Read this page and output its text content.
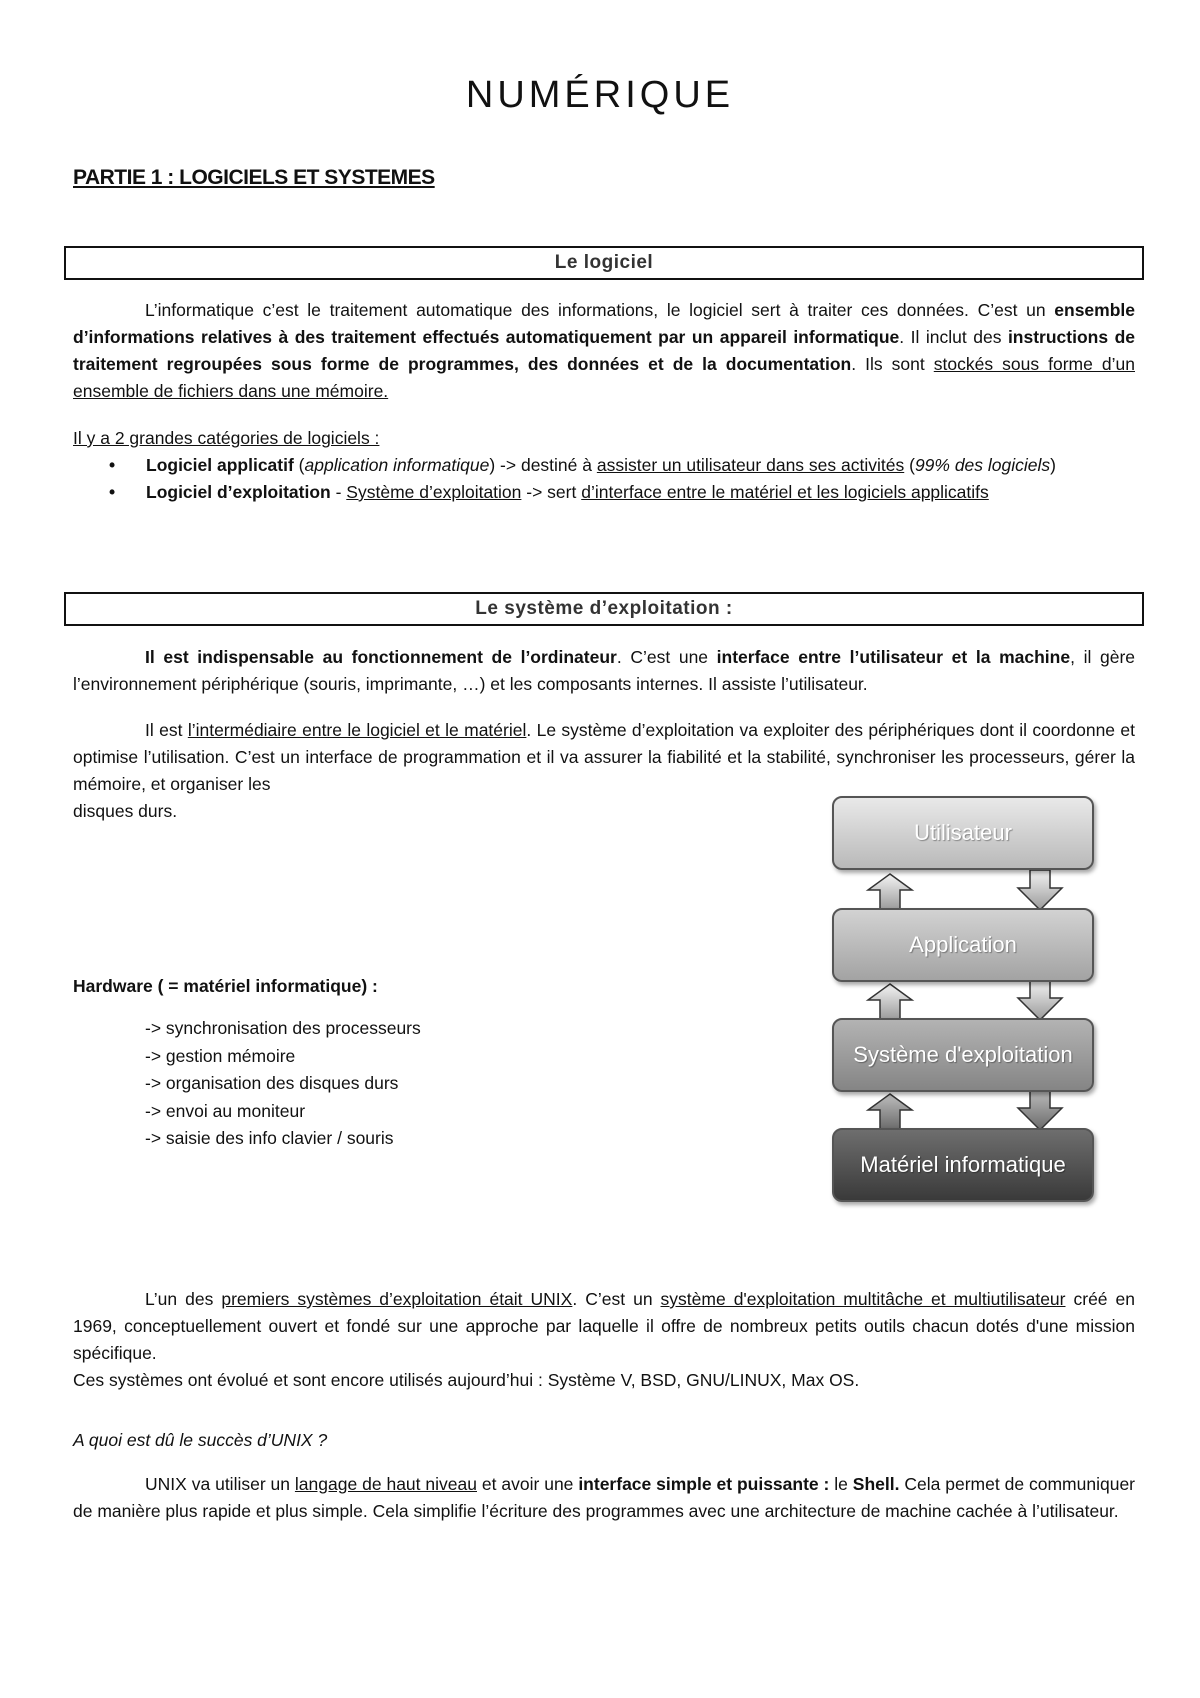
NUMÉRIQUE
PARTIE 1 : LOGICIELS ET SYSTEMES
Le logiciel

L’informatique c’est le traitement automatique des informations, le logiciel sert à traiter ces données. C’est un ensemble d’informations relatives à des traitement effectués automatiquement par un appareil informatique. Il inclut des instructions de traitement regroupées sous forme de programmes, des données et de la documentation. Ils sont stockés sous forme d’un ensemble de fichiers dans une mémoire.

Il y a 2 grandes catégories de logiciels :
• Logiciel applicatif (application informatique) -> destiné à assister un utilisateur dans ses activités (99% des logiciels)
• Logiciel d’exploitation - Système d’exploitation -> sert d’interface entre le matériel et les logiciels applicatifs
Le système d’exploitation :

Il est indispensable au fonctionnement de l’ordinateur. C’est une interface entre l’utilisateur et la machine, il gère l’environnement périphérique (souris, imprimante, …) et les composants internes. Il assiste l’utilisateur.

Il est l’intermédiaire entre le logiciel et le matériel. Le système d’exploitation va exploiter des périphériques dont il coordonne et optimise l’utilisation. C’est un interface de programmation et il va assurer la fiabilité et la stabilité, synchroniser les processeurs, gérer la mémoire, et organiser les

disques durs.
Hardware ( = matériel informatique) :
-> synchronisation des processeurs
-> gestion mémoire
-> organisation des disques durs
-> envoi au moniteur
-> saisie des info clavier / souris
Utilisateur
Application
Système d'exploitation
Matériel informatique

L’un des premiers systèmes d’exploitation était UNIX. C’est un système d'exploitation multitâche et multiutilisateur créé en 1969, conceptuellement ouvert et fondé sur une approche par laquelle il offre de nombreux petits outils chacun dotés d'une mission spécifique.

Ces systèmes ont évolué et sont encore utilisés aujourd’hui : Système V, BSD, GNU/LINUX, Max OS.

A quoi est dû le succès d’UNIX ?

UNIX va utiliser un langage de haut niveau et avoir une interface simple et puissante : le Shell. Cela permet de communiquer de manière plus rapide et plus simple. Cela simplifie l’écriture des programmes avec une architecture de machine cachée à l’utilisateur.
